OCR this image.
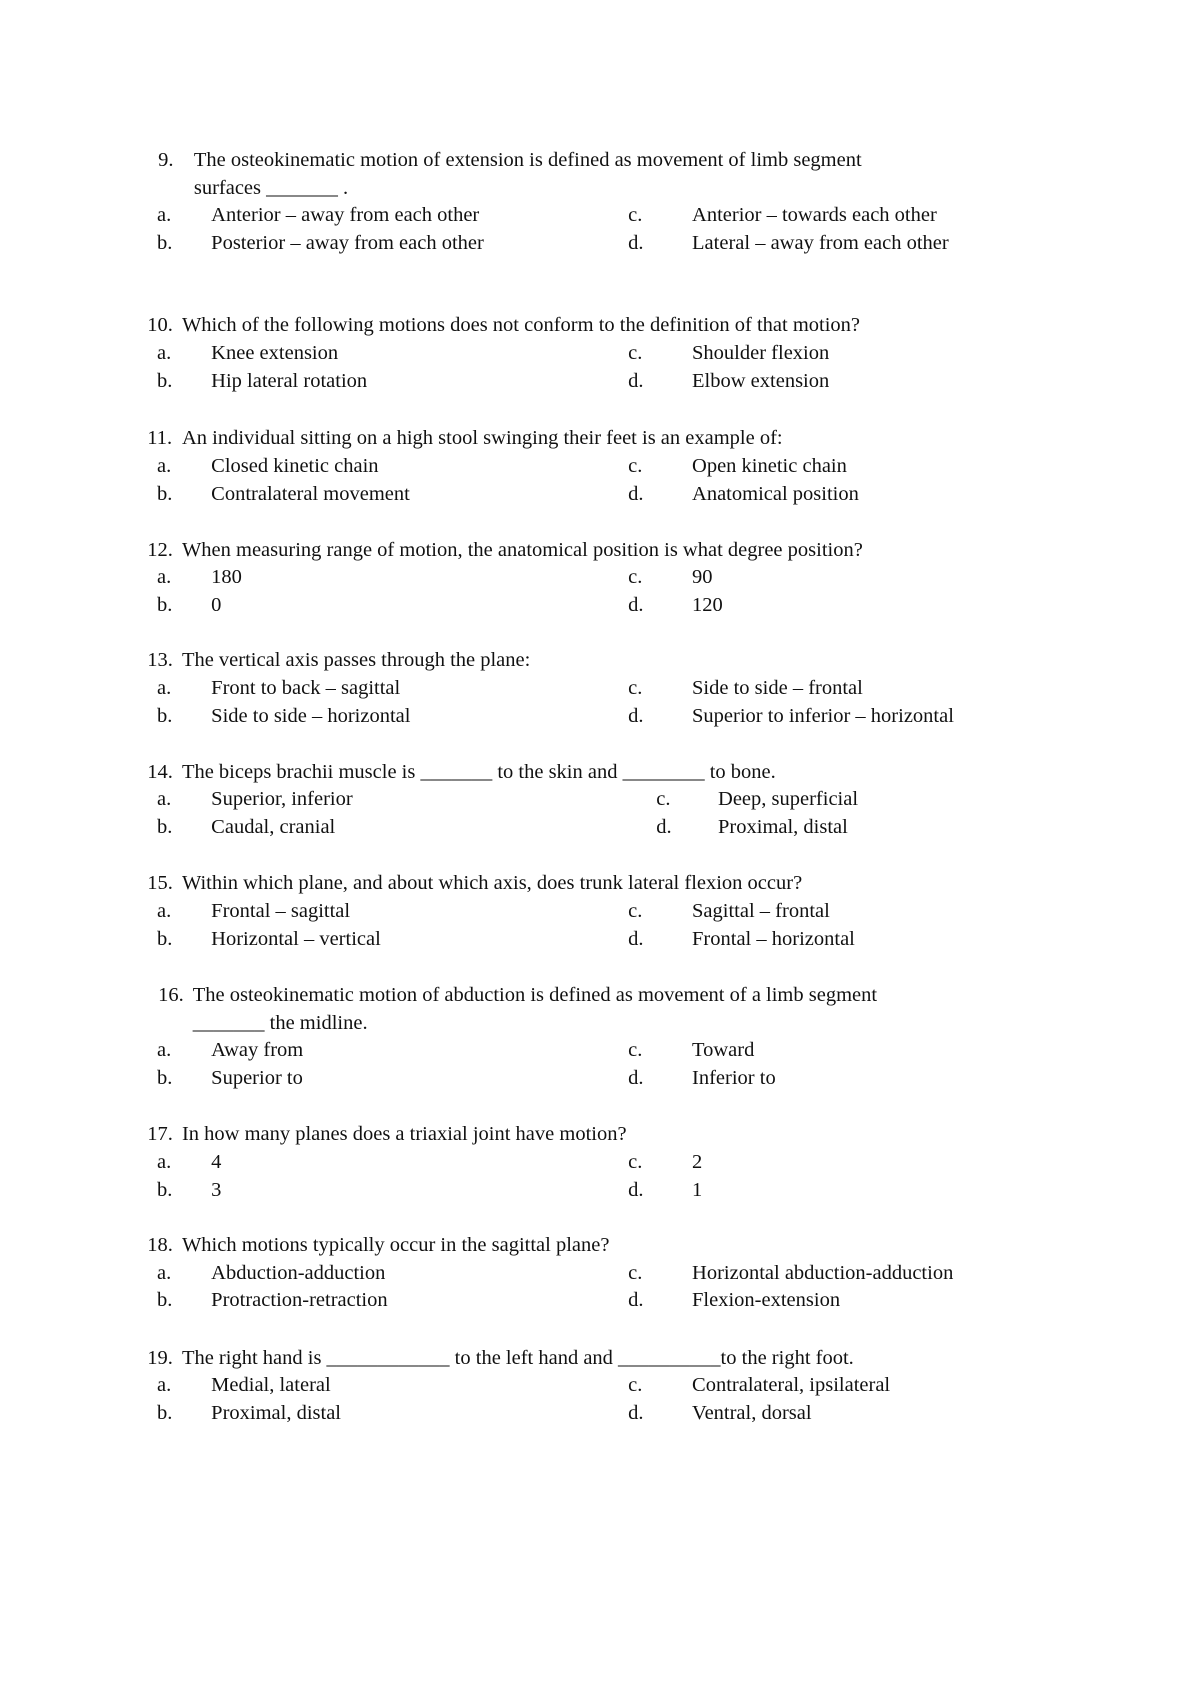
9. The osteokinematic motion of extension is defined as movement of limb segment
surfaces _______ .
a. Anterior – away from each other
b. Posterior – away from each other
c. Anterior – towards each other
d. Lateral – away from each other
10. Which of the following motions does not conform to the definition of that motion?
a. Knee extension
b. Hip lateral rotation
c. Shoulder flexion
d. Elbow extension
11. An individual sitting on a high stool swinging their feet is an example of:
a. Closed kinetic chain
b. Contralateral movement
c. Open kinetic chain
d. Anatomical position
12. When measuring range of motion, the anatomical position is what degree position?
a. 180
b. 0
c. 90
d. 120
13. The vertical axis passes through the plane:
a. Front to back – sagittal
b. Side to side – horizontal
c. Side to side – frontal
d. Superior to inferior – horizontal
14. The biceps brachii muscle is _______ to the skin and ________ to bone.
a. Superior, inferior
b. Caudal, cranial
c. Deep, superficial
d. Proximal, distal
15. Within which plane, and about which axis, does trunk lateral flexion occur?
a. Frontal – sagittal
b. Horizontal – vertical
c. Sagittal – frontal
d. Frontal – horizontal
16. The osteokinematic motion of abduction is defined as movement of a limb segment
_______ the midline.
a. Away from
b. Superior to
c. Toward
d. Inferior to
17. In how many planes does a triaxial joint have motion?
a. 4
b. 3
c. 2
d. 1
18. Which motions typically occur in the sagittal plane?
a. Abduction-adduction
b. Protraction-retraction
c. Horizontal abduction-adduction
d. Flexion-extension
19. The right hand is ____________ to the left hand and __________to the right foot.
a. Medial, lateral
b. Proximal, distal
c. Contralateral, ipsilateral
d. Ventral, dorsal
